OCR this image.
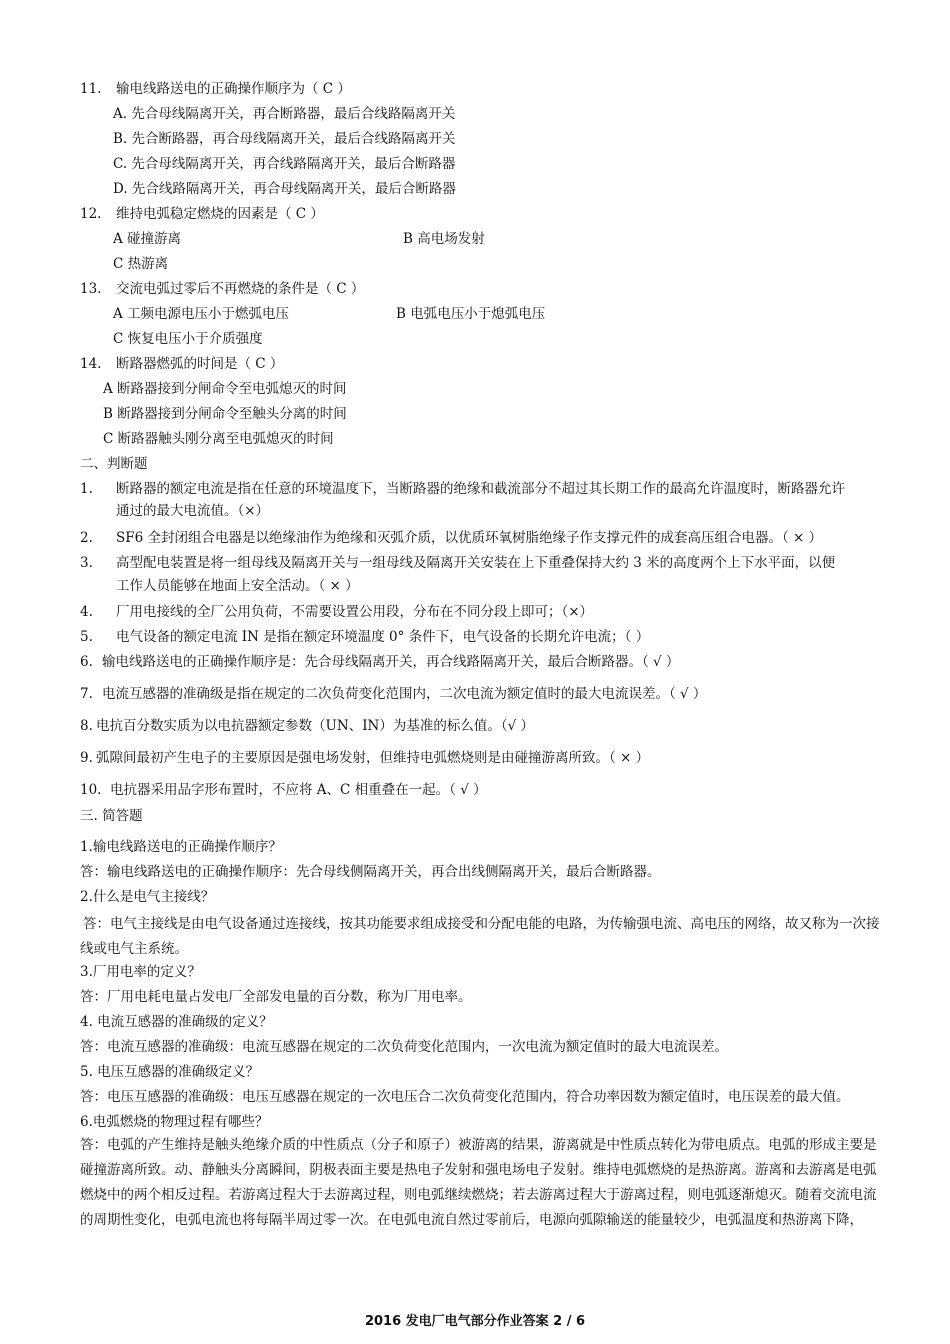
11. 输电线路送电的正确操作顺序为（ C ）
A. 先合母线隔离开关，再合断路器，最后合线路隔离开关
B. 先合断路器，再合母线隔离开关，最后合线路隔离开关
C. 先合母线隔离开关，再合线路隔离开关，最后合断路器
D. 先合线路隔离开关，再合母线隔离开关，最后合断路器
12. 维持电弧稳定燃烧的因素是（ C ）
A 碰撞游离	B 高电场发射
C 热游离
13. 交流电弧过零后不再燃烧的条件是（ C ）
A 工频电源电压小于燃弧电压	B 电弧电压小于熄弧电压
C 恢复电压小于介质强度
14. 断路器燃弧的时间是（ C ）
A 断路器接到分闸命令至电弧熄灭的时间
B 断路器接到分闸命令至触头分离的时间
C 断路器触头刚分离至电弧熄灭的时间
二、判断题
1. 断路器的额定电流是指在任意的环境温度下，当断路器的绝缘和截流部分不超过其长期工作的最高允许温度时，断路器允许
通过的最大电流值。（×）
2. SF6 全封闭组合电器是以绝缘油作为绝缘和灭弧介质，以优质环氧树脂绝缘子作支撑元件的成套高压组合电器。（ × ）
3. 高型配电装置是将一组母线及隔离开关与一组母线及隔离开关安装在上下重叠保持大约 3 米的高度两个上下水平面，以便
工作人员能够在地面上安全活动。（ × ）
4. 厂用电接线的全厂公用负荷，不需要设置公用段，分布在不同分段上即可；（×）
5. 电气设备的额定电流 IN 是指在额定环境温度 0° 条件下，电气设备的长期允许电流；（ ）
6. 输电线路送电的正确操作顺序是：先合母线隔离开关，再合线路隔离开关，最后合断路器。（ √ ）
7. 电流互感器的准确级是指在规定的二次负荷变化范围内，二次电流为额定值时的最大电流误差。（ √ ）
8. 电抗百分数实质为以电抗器额定参数（UN、IN）为基准的标么值。（√ ）
9. 弧隙间最初产生电子的主要原因是强电场发射，但维持电弧燃烧则是由碰撞游离所致。（ × ）
10. 电抗器采用品字形布置时，不应将 A、C 相重叠在一起。（ √ ）
三. 简答题
1.输电线路送电的正确操作顺序？
答：输电线路送电的正确操作顺序：先合母线侧隔离开关，再合出线侧隔离开关，最后合断路器。
2.什么是电气主接线？
答：电气主接线是由电气设备通过连接线，按其功能要求组成接受和分配电能的电路，为传输强电流、高电压的网络，故又称为一次接线或电气主系统。
3.厂用电率的定义？
答：厂用电耗电量占发电厂全部发电量的百分数，称为厂用电率。
4. 电流互感器的准确级的定义？
答：电流互感器的准确级：电流互感器在规定的二次负荷变化范围内，一次电流为额定值时的最大电流误差。
5. 电压互感器的准确级定义？
答：电压互感器的准确级：电压互感器在规定的一次电压合二次负荷变化范围内，符合功率因数为额定值时，电压误差的最大值。
6.电弧燃烧的物理过程有哪些？
答：电弧的产生维持是触头绝缘介质的中性质点（分子和原子）被游离的结果，游离就是中性质点转化为带电质点。电弧的形成主要是碰撞游离所致。动、静触头分离瞬间，阴极表面主要是热电子发射和强电场电子发射。维持电弧燃烧的是热游离。游离和去游离是电弧燃烧中的两个相反过程。若游离过程大于去游离过程，则电弧继续燃烧；若去游离过程大于游离过程，则电弧逐渐熄灭。随着交流电流的周期性变化，电弧电流也将每隔半周过零一次。在电弧电流自然过零前后，电源向弧隙输送的能量较少，电弧温度和热游离下降，
2016 发电厂电气部分作业答案 2 / 6
